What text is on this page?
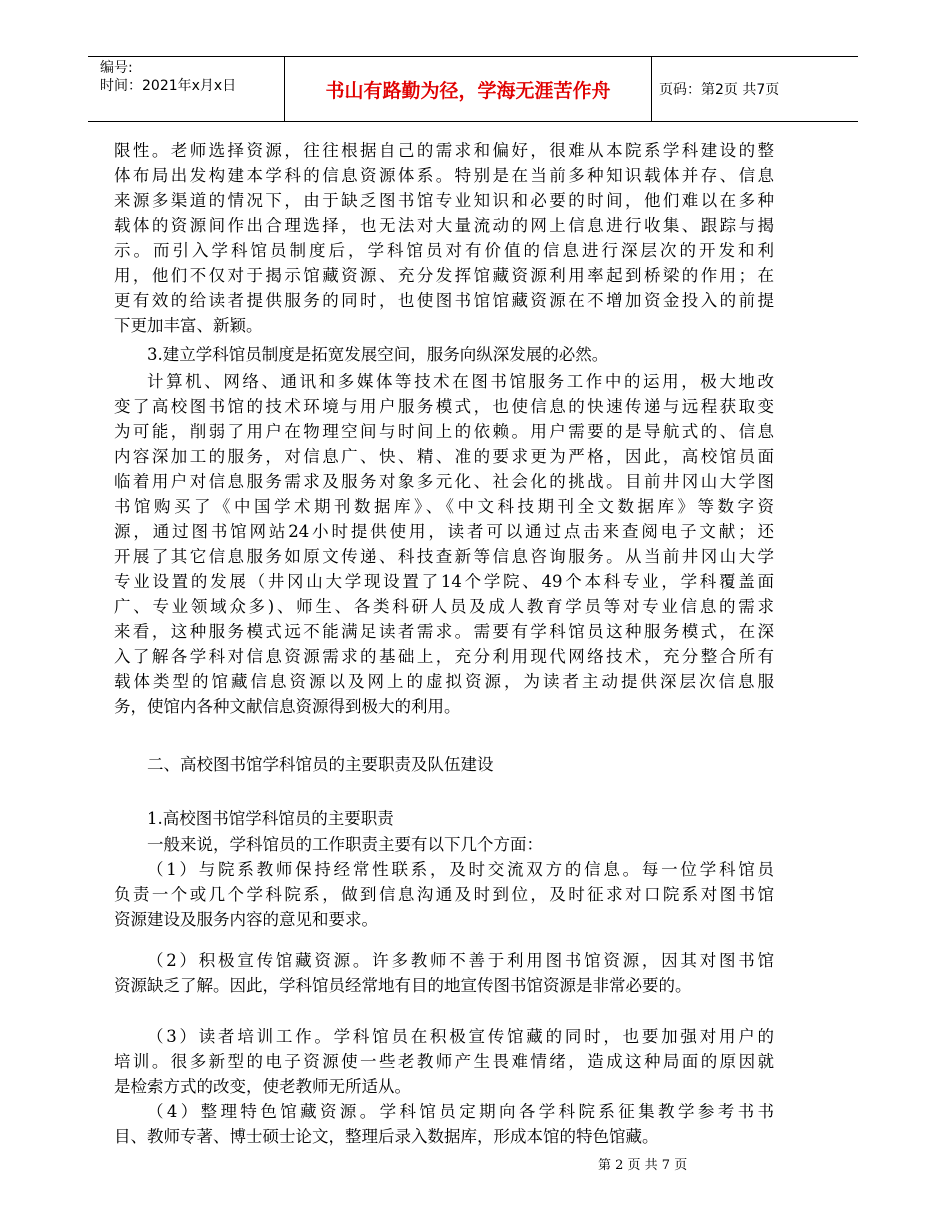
编号:
时间：2021年x月x日	书山有路勤为径，学海无涯苦作舟	页码：第2页 共7页
限性。老师选择资源，往往根据自己的需求和偏好，很难从本院系学科建设的整
体布局出发构建本学科的信息资源体系。特别是在当前多种知识载体并存、信息
来源多渠道的情况下，由于缺乏图书馆专业知识和必要的时间，他们难以在多种
载体的资源间作出合理选择，也无法对大量流动的网上信息进行收集、跟踪与揭
示。而引入学科馆员制度后，学科馆员对有价值的信息进行深层次的开发和利
用，他们不仅对于揭示馆藏资源、充分发挥馆藏资源利用率起到桥梁的作用；在
更有效的给读者提供服务的同时，也使图书馆馆藏资源在不增加资金投入的前提
下更加丰富、新颖。
3.建立学科馆员制度是拓宽发展空间，服务向纵深发展的必然。
计算机、网络、通讯和多媒体等技术在图书馆服务工作中的运用，极大地改
变了高校图书馆的技术环境与用户服务模式，也使信息的快速传递与远程获取变
为可能，削弱了用户在物理空间与时间上的依赖。用户需要的是导航式的、信息
内容深加工的服务，对信息广、快、精、准的要求更为严格，因此，高校馆员面
临着用户对信息服务需求及服务对象多元化、社会化的挑战。目前井冈山大学图
书馆购买了《中国学术期刊数据库》、《中文科技期刊全文数据库》等数字资
源，通过图书馆网站24小时提供使用，读者可以通过点击来查阅电子文献；还
开展了其它信息服务如原文传递、科技查新等信息咨询服务。从当前井冈山大学
专业设置的发展（井冈山大学现设置了14个学院、49个本科专业，学科覆盖面
广、专业领域众多)、师生、各类科研人员及成人教育学员等对专业信息的需求
来看，这种服务模式远不能满足读者需求。需要有学科馆员这种服务模式，在深
入了解各学科对信息资源需求的基础上，充分利用现代网络技术，充分整合所有
载体类型的馆藏信息资源以及网上的虚拟资源，为读者主动提供深层次信息服
务，使馆内各种文献信息资源得到极大的利用。
二、高校图书馆学科馆员的主要职责及队伍建设
1.高校图书馆学科馆员的主要职责
一般来说，学科馆员的工作职责主要有以下几个方面：
（1）与院系教师保持经常性联系，及时交流双方的信息。每一位学科馆员
负责一个或几个学科院系，做到信息沟通及时到位，及时征求对口院系对图书馆
资源建设及服务内容的意见和要求。
（2）积极宣传馆藏资源。许多教师不善于利用图书馆资源，因其对图书馆
资源缺乏了解。因此，学科馆员经常地有目的地宣传图书馆资源是非常必要的。
（3）读者培训工作。学科馆员在积极宣传馆藏的同时，也要加强对用户的
培训。很多新型的电子资源使一些老教师产生畏难情绪，造成这种局面的原因就
是检索方式的改变，使老教师无所适从。
（4）整理特色馆藏资源。学科馆员定期向各学科院系征集教学参考书书
目、教师专著、博士硕士论文，整理后录入数据库，形成本馆的特色馆藏。
第 2 页 共 7 页
